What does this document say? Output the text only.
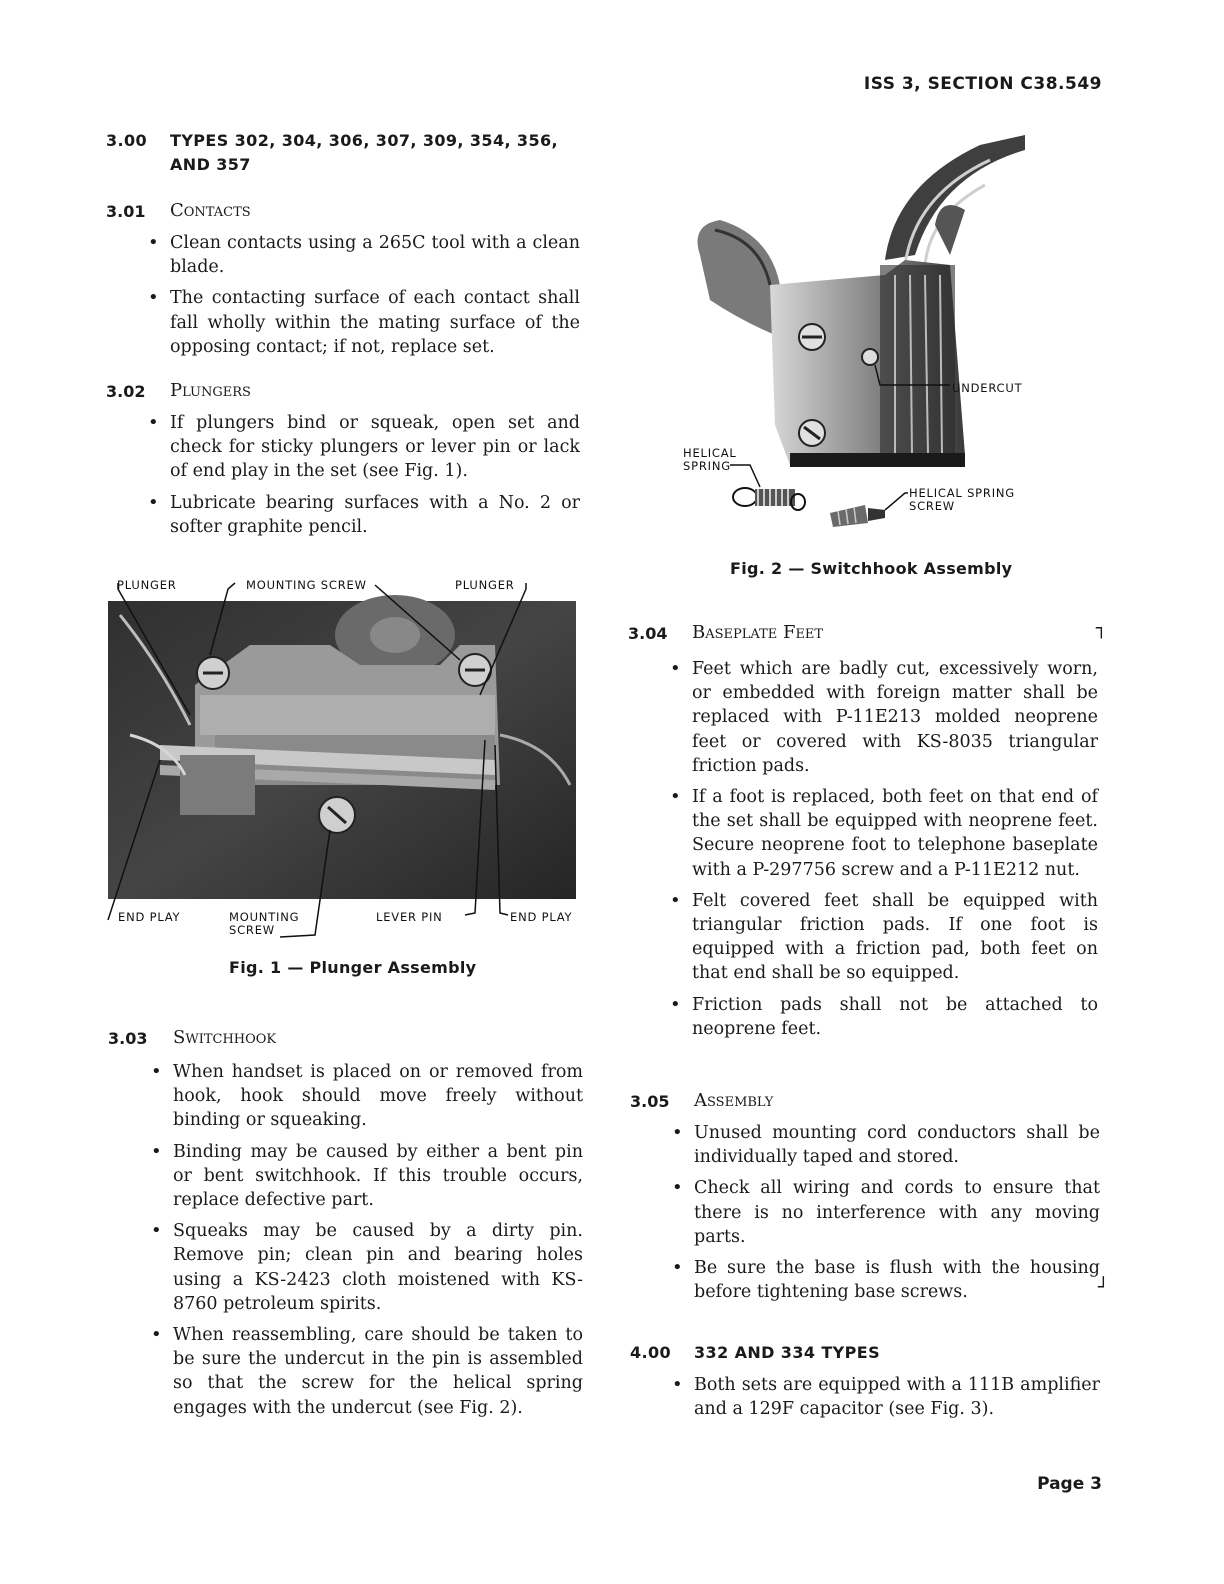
ISS 3, SECTION C38.549
3.00 TYPES 302, 304, 306, 307, 309, 354, 356,
AND 357
3.01 Contacts
• Clean contacts using a 265C tool with a clean blade.
• The contacting surface of each contact shall fall wholly within the mating surface of the opposing contact; if not, replace set.
3.02 Plungers
• If plungers bind or squeak, open set and check for sticky plungers or lever pin or lack of end play in the set (see Fig. 1).
• Lubricate bearing surfaces with a No. 2 or softer graphite pencil.
PLUNGER	MOUNTING SCREW	PLUNGER
END PLAY	MOUNTING
SCREW
LEVER PIN	END PLAY
Fig. 1 — Plunger Assembly
3.03 Switchhook
• When handset is placed on or removed from hook, hook should move freely without binding or squeaking.
• Binding may be caused by either a bent pin or bent switchhook. If this trouble occurs, replace defective part.
• Squeaks may be caused by a dirty pin. Remove pin; clean pin and bearing holes using a KS-2423 cloth moistened with KS-8760 petroleum spirits.
• When reassembling, care should be taken to be sure the undercut in the pin is assembled so that the screw for the helical spring engages with the undercut (see Fig. 2).
UNDERCUT
HELICAL
SPRING
HELICAL SPRING
SCREW
Fig. 2 — Switchhook Assembly
3.04 Baseplate Feet	┐
• Feet which are badly cut, excessively worn, or embedded with foreign matter shall be replaced with P-11E213 molded neoprene feet or covered with KS-8035 triangular friction pads.
• If a foot is replaced, both feet on that end of the set shall be equipped with neoprene feet. Secure neoprene foot to telephone baseplate with a P-297756 screw and a P-11E212 nut.
• Felt covered feet shall be equipped with triangular friction pads. If one foot is equipped with a friction pad, both feet on that end shall be so equipped.
• Friction pads shall not be attached to neoprene feet.
3.05 Assembly
• Unused mounting cord conductors shall be individually taped and stored.
• Check all wiring and cords to ensure that there is no interference with any moving parts.
• Be sure the base is flush with the housing before tightening base screws.	┘
4.00 332 AND 334 TYPES
• Both sets are equipped with a 111B amplifier and a 129F capacitor (see Fig. 3).
Page 3
